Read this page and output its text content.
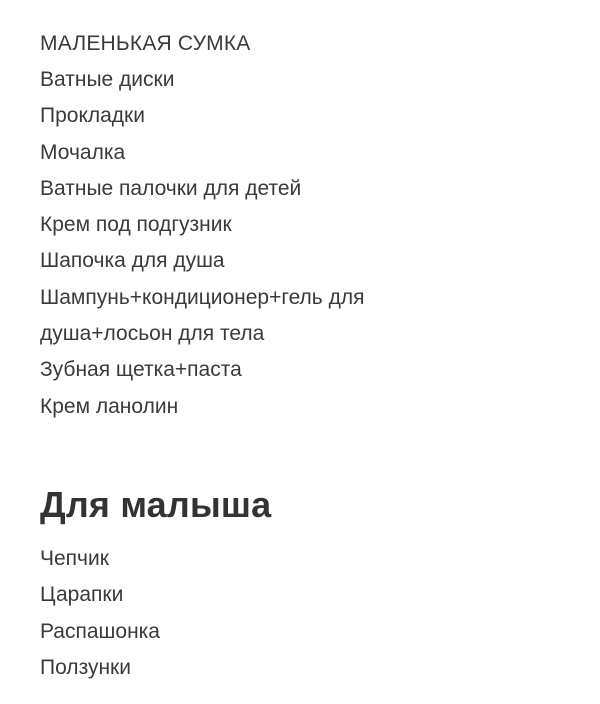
МАЛЕНЬКАЯ СУМКА
Ватные диски
Прокладки
Мочалка
Ватные палочки для детей
Крем под подгузник
Шапочка для душа
Шампунь+кондиционер+гель для душа+лосьон для тела
Зубная щетка+паста
Крем ланолин
Для малыша
Чепчик
Царапки
Распашонка
Ползунки
